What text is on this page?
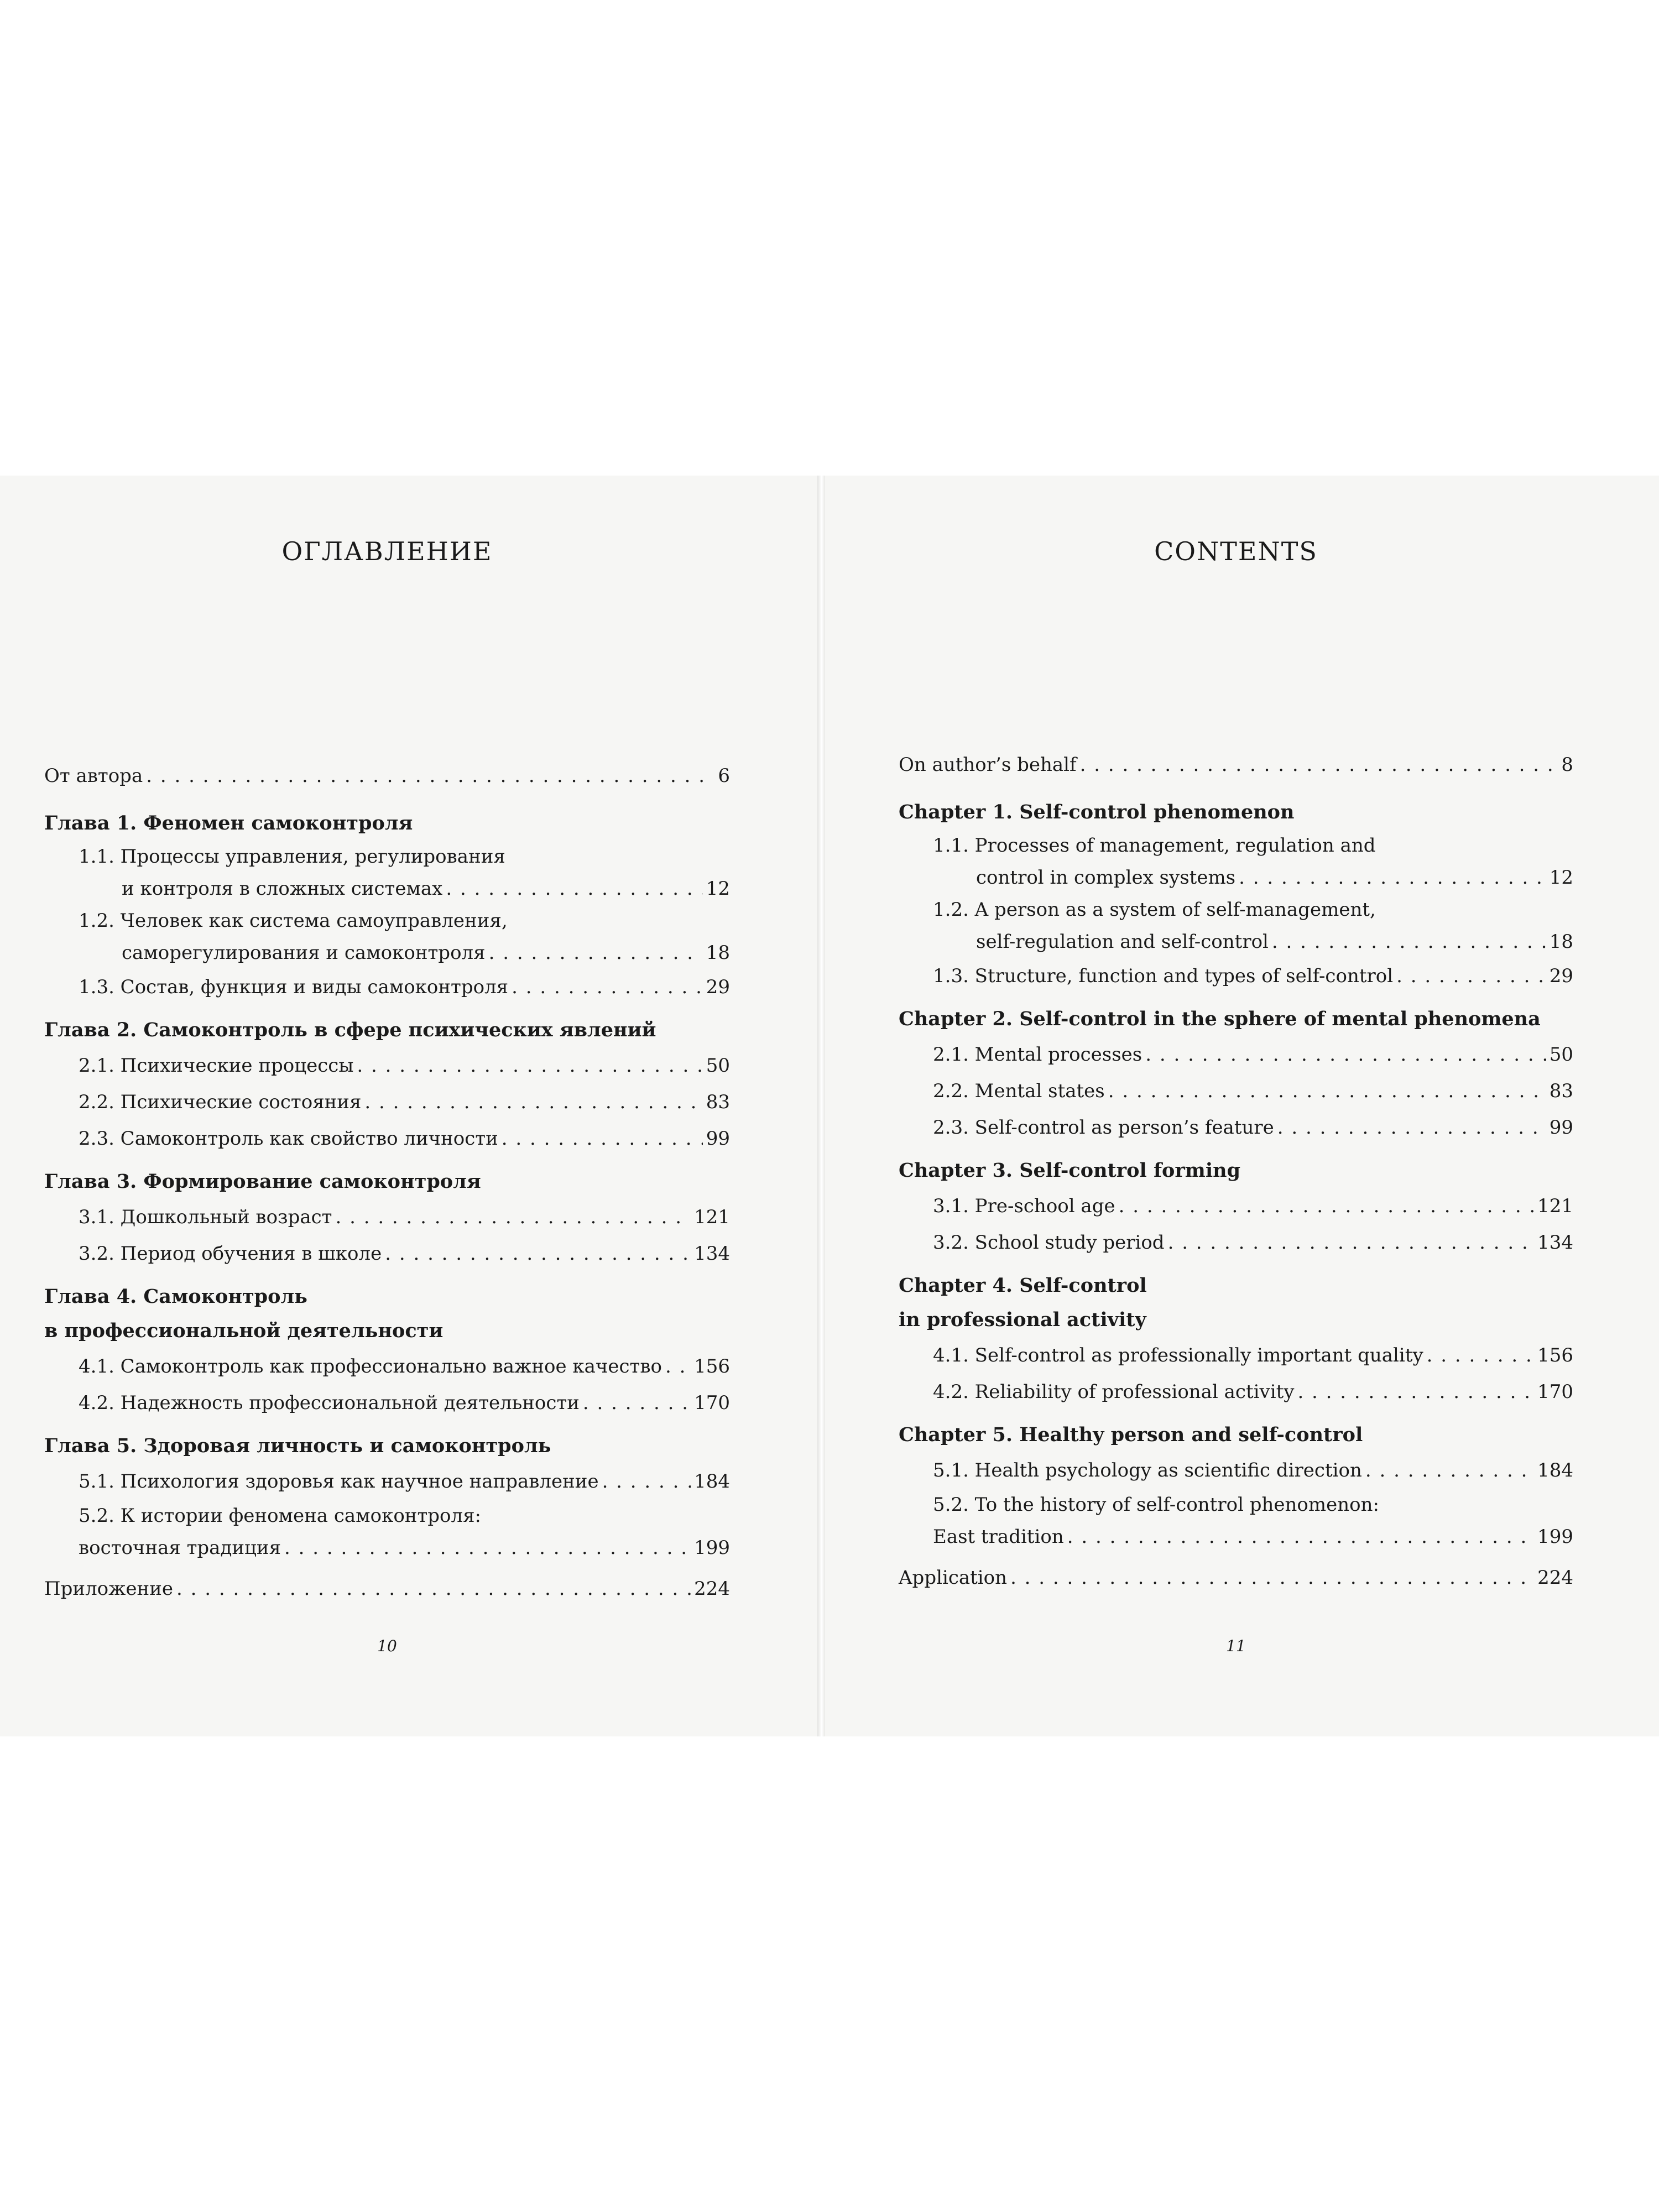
ОГЛАВЛЕНИЕ
От автора . . .	6
Глава 1. Феномен самоконтроля
1.1. Процессы управления, регулирования
и контроля в сложных системах . . .	12
1.2. Человек как система самоуправления,
саморегулирования и самоконтроля . . .	18
1.3. Состав, функция и виды самоконтроля . . .	29
Глава 2. Самоконтроль в сфере психических явлений
2.1. Психические процессы . . .	50
2.2. Психические состояния . . .	83
2.3. Самоконтроль как свойство личности . . .	99
Глава 3. Формирование самоконтроля
3.1. Дошкольный возраст . . .	121
3.2. Период обучения в школе . . .	134
Глава 4. Самоконтроль
в профессиональной деятельности
4.1. Самоконтроль как профессионально важное качество . . . 156
4.2. Надежность профессиональной деятельности . . .	170
Глава 5. Здоровая личность и самоконтроль
5.1. Психология здоровья как научное направление . . .	184
5.2. К истории феномена самоконтроля:
восточная традиция . . .	199
Приложение . . .	224
10
CONTENTS
On author’s behalf . . .	8
Chapter 1. Self-control phenomenon
1.1. Processes of management, regulation and
control in complex systems . . .	12
1.2. A person as a system of self-management,
self-regulation and self-control . . .	18
1.3. Structure, function and types of self-control . . .	29
Chapter 2. Self-control in the sphere of mental phenomena
2.1. Mental processes . . .	50
2.2. Mental states . . .	83
2.3. Self-control as person’s feature . . .	99
Chapter 3. Self-control forming
3.1. Pre-school age . . .	121
3.2. School study period . . .	134
Chapter 4. Self-control
in professional activity
4.1. Self-control as professionally important quality . . .	156
4.2. Reliability of professional activity . . .	170
Chapter 5. Healthy person and self-control
5.1. Health psychology as scientific direction . . .	184
5.2. To the history of self-control phenomenon:
East tradition . . .	199
Application . . .	224
11
